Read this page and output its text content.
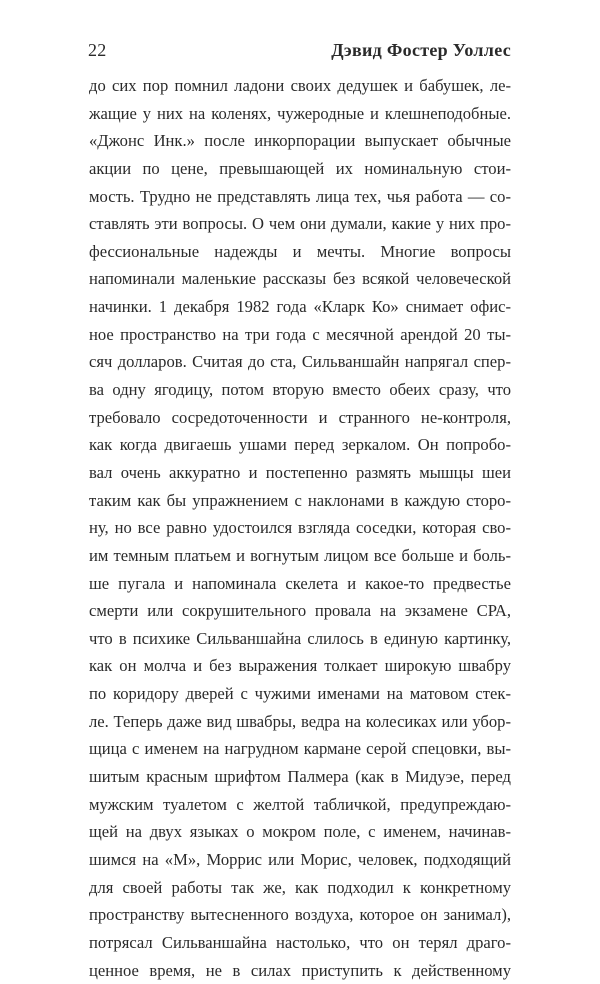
22	Дэвид Фостер Уоллес
до сих пор помнил ладони своих дедушек и бабушек, ле-
жащие у них на коленях, чужеродные и клешнеподобные.
«Джонс Инк.» после инкорпорации выпускает обычные
акции по цене, превышающей их номинальную стои-
мость. Трудно не представлять лица тех, чья работа — со-
ставлять эти вопросы. О чем они думали, какие у них про-
фессиональные надежды и мечты. Многие вопросы
напоминали маленькие рассказы без всякой человеческой
начинки. 1 декабря 1982 года «Кларк Ко» снимает офис-
ное пространство на три года с месячной арендой 20 ты-
сяч долларов. Считая до ста, Сильваншайн напрягал спер-
ва одну ягодицу, потом вторую вместо обеих сразу, что
требовало сосредоточенности и странного не-контроля,
как когда двигаешь ушами перед зеркалом. Он попробо-
вал очень аккуратно и постепенно размять мышцы шеи
таким как бы упражнением с наклонами в каждую сторо-
ну, но все равно удостоился взгляда соседки, которая сво-
им темным платьем и вогнутым лицом все больше и боль-
ше пугала и напоминала скелета и какое-то предвестье
смерти или сокрушительного провала на экзамене СРА,
что в психике Сильваншайна слилось в единую картинку,
как он молча и без выражения толкает широкую швабру
по коридору дверей с чужими именами на матовом стек-
ле. Теперь даже вид швабры, ведра на колесиках или убор-
щица с именем на нагрудном кармане серой спецовки, вы-
шитым красным шрифтом Палмера (как в Мидуэе, перед
мужским туалетом с желтой табличкой, предупреждаю-
щей на двух языках о мокром поле, с именем, начинав-
шимся на «М», Моррис или Морис, человек, подходящий
для своей работы так же, как подходил к конкретному
пространству вытесненного воздуха, которое он занимал),
потрясал Сильваншайна настолько, что он терял драго-
ценное время, не в силах приступить к действенному
